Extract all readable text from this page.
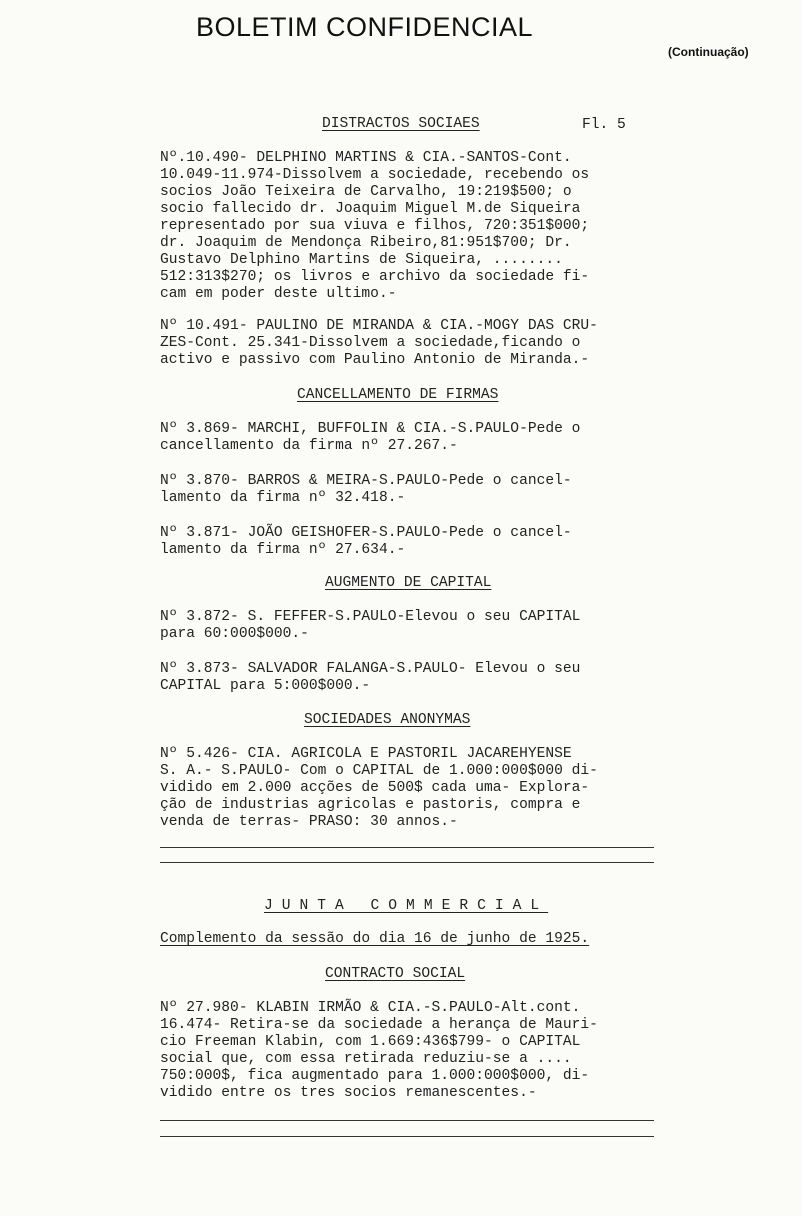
BOLETIM CONFIDENCIAL
(Continuação)
DISTRACTOS SOCIAES	Fl. 5

Nº.10.490- DELPHINO MARTINS & CIA.-SANTOS-Cont.

10.049-11.974-Dissolvem a sociedade, recebendo os

socios João Teixeira de Carvalho, 19:219$500; o

socio fallecido dr. Joaquim Miguel M.de Siqueira

representado por sua viuva e filhos, 720:351$000;

dr. Joaquim de Mendonça Ribeiro,81:951$700; Dr.

Gustavo Delphino Martins de Siqueira, ........

512:313$270; os livros e archivo da sociedade fi-

cam em poder deste ultimo.-

Nº 10.491- PAULINO DE MIRANDA & CIA.-MOGY DAS CRU-

ZES-Cont. 25.341-Dissolvem a sociedade,ficando o

activo e passivo com Paulino Antonio de Miranda.-

CANCELLAMENTO DE FIRMAS

Nº 3.869- MARCHI, BUFFOLIN & CIA.-S.PAULO-Pede o

cancellamento da firma nº 27.267.-

Nº 3.870- BARROS & MEIRA-S.PAULO-Pede o cancel-

lamento da firma nº 32.418.-

Nº 3.871- JOÃO GEISHOFER-S.PAULO-Pede o cancel-

lamento da firma nº 27.634.-

AUGMENTO DE CAPITAL

Nº 3.872- S. FEFFER-S.PAULO-Elevou o seu CAPITAL

para 60:000$000.-

Nº 3.873- SALVADOR FALANGA-S.PAULO- Elevou o seu

CAPITAL para 5:000$000.-

SOCIEDADES ANONYMAS

Nº 5.426- CIA. AGRICOLA E PASTORIL JACAREHYENSE

S. A.- S.PAULO- Com o CAPITAL de 1.000:000$000 di-

vidido em 2.000 acções de 500$ cada uma- Explora-

ção de industrias agricolas e pastoris, compra e

venda de terras- PRASO: 30 annos.-

JUNTA COMMERCIAL
Complemento da sessão do dia 16 de junho de 1925.
CONTRACTO SOCIAL

Nº 27.980- KLABIN IRMÃO & CIA.-S.PAULO-Alt.cont.

16.474- Retira-se da sociedade a herança de Mauri-

cio Freeman Klabin, com 1.669:436$799- o CAPITAL

social que, com essa retirada reduziu-se a ....

750:000$, fica augmentado para 1.000:000$000, di-

vidido entre os tres socios remanescentes.-
